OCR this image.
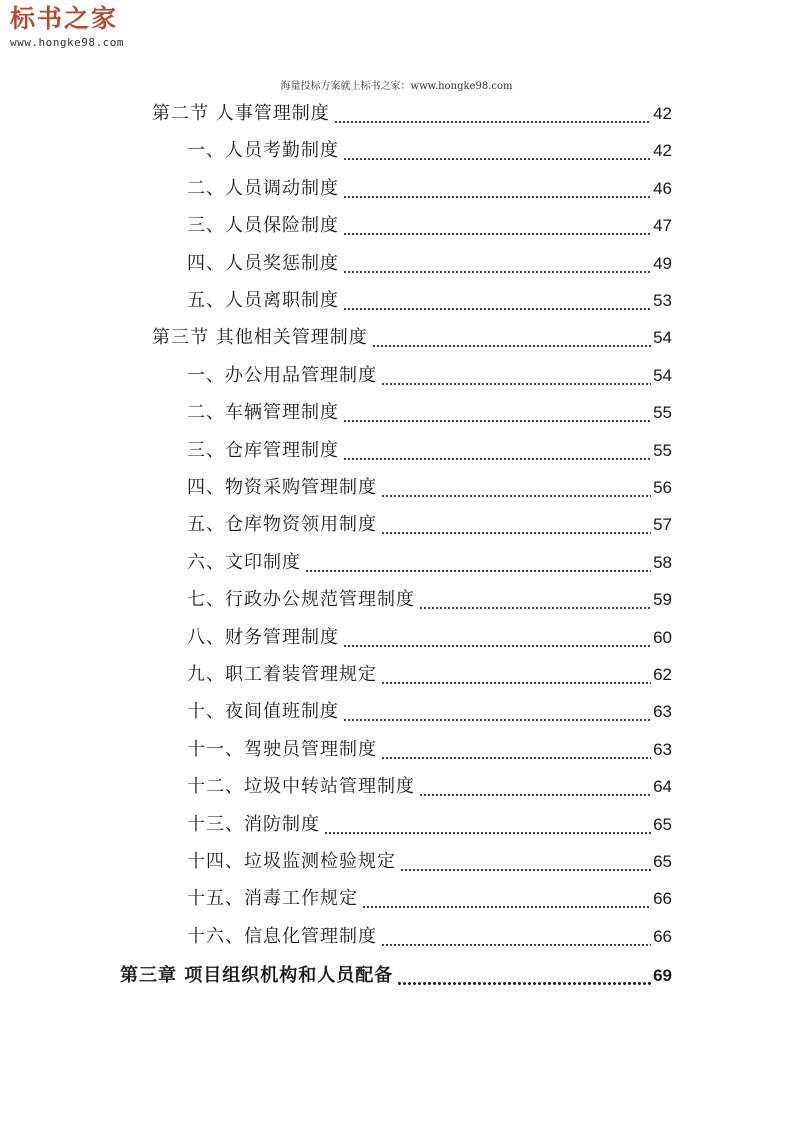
标书之家
www.hongke98.com
海量投标方案就上标书之家：www.hongke98.com
第二节 人事管理制度	42
一、人员考勤制度	42
二、人员调动制度	46
三、人员保险制度	47
四、人员奖惩制度	49
五、人员离职制度	53
第三节 其他相关管理制度	54
一、办公用品管理制度	54
二、车辆管理制度	55
三、仓库管理制度	55
四、物资采购管理制度	56
五、仓库物资领用制度	57
六、文印制度	58
七、行政办公规范管理制度	59
八、财务管理制度	60
九、职工着装管理规定	62
十、夜间值班制度	63
十一、驾驶员管理制度	63
十二、垃圾中转站管理制度	64
十三、消防制度	65
十四、垃圾监测检验规定	65
十五、消毒工作规定	66
十六、信息化管理制度	66
第三章 项目组织机构和人员配备	69
